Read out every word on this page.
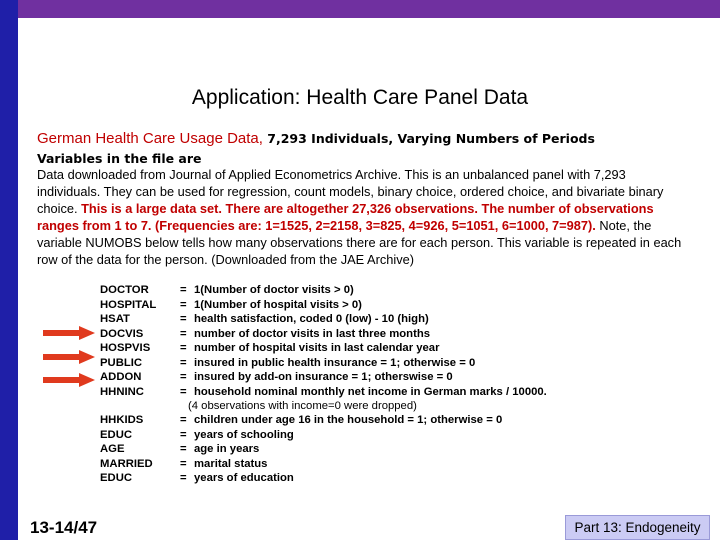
Application: Health Care Panel Data
German Health Care Usage Data, 7,293 Individuals, Varying Numbers of Periods
Variables in the file are
Data downloaded from Journal of Applied Econometrics Archive. This is an unbalanced panel with 7,293 individuals. They can be used for regression, count models, binary choice, ordered choice, and bivariate binary choice. This is a large data set. There are altogether 27,326 observations. The number of observations ranges from 1 to 7. (Frequencies are: 1=1525, 2=2158, 3=825, 4=926, 5=1051, 6=1000, 7=987). Note, the variable NUMOBS below tells how many observations there are for each person. This variable is repeated in each row of the data for the person. (Downloaded from the JAE Archive)
DOCTOR	= 1(Number of doctor visits > 0)
HOSPITAL	= 1(Number of hospital visits > 0)
HSAT	= health satisfaction, coded 0 (low) - 10 (high)
DOCVIS	= number of doctor visits in last three months
HOSPVIS	= number of hospital visits in last calendar year
PUBLIC	= insured in public health insurance = 1; otherwise = 0
ADDON	= insured by add-on insurance = 1; otherswise = 0
HHNINC	= household nominal monthly net income in German marks / 10000.
HHKIDS	= children under age 16 in the household = 1; otherwise = 0
EDUC	= years of schooling
AGE	= age in years
MARRIED	= marital status
EDUC	= years of education
(4 observations with income=0 were dropped)
13-14/47	Part 13: Endogeneity
